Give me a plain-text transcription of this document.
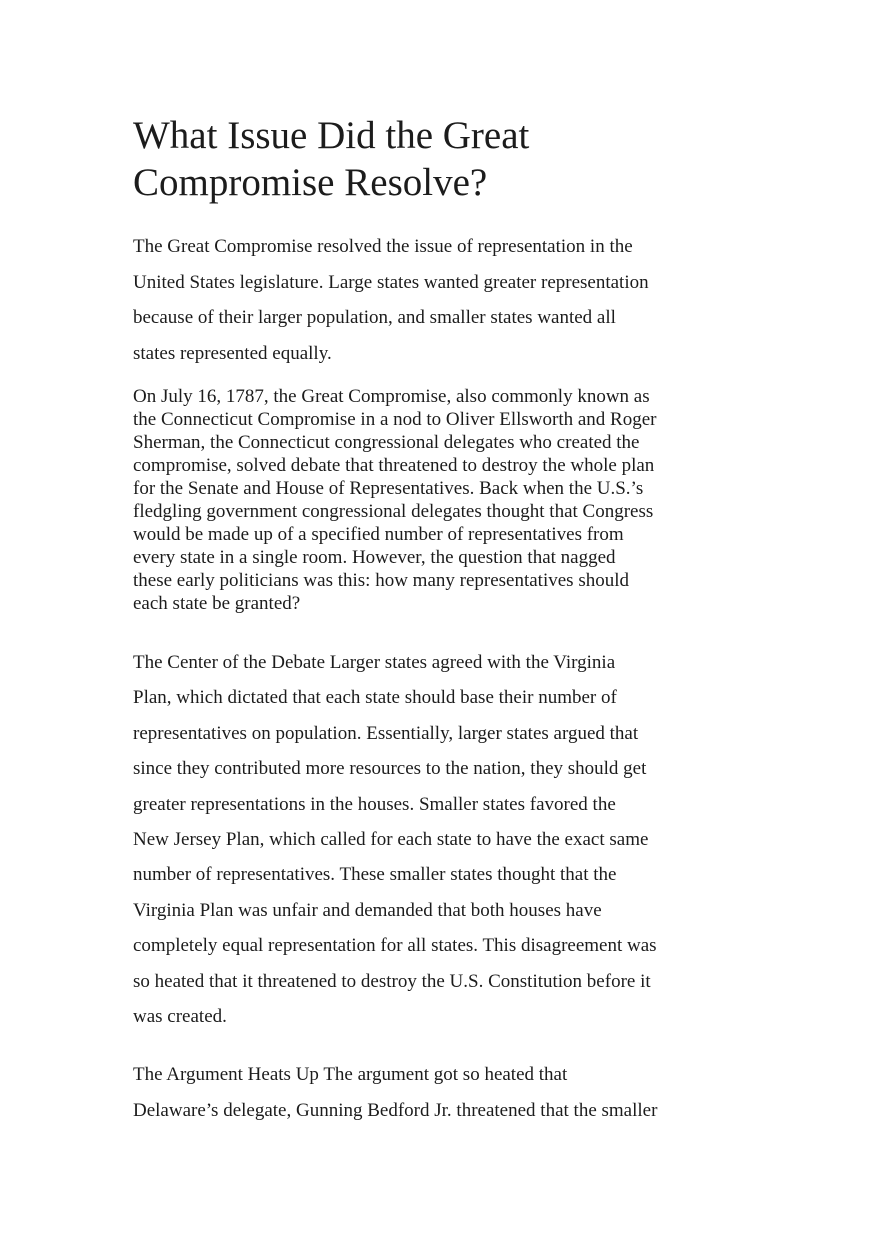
What Issue Did the Great
Compromise Resolve?

The Great Compromise resolved the issue of representation in the
United States legislature. Large states wanted greater representation
because of their larger population, and smaller states wanted all
states represented equally.

On July 16, 1787, the Great Compromise, also commonly known as
the Connecticut Compromise in a nod to Oliver Ellsworth and Roger
Sherman, the Connecticut congressional delegates who created the
compromise, solved debate that threatened to destroy the whole plan
for the Senate and House of Representatives. Back when the U.S.’s
fledgling government congressional delegates thought that Congress
would be made up of a specified number of representatives from
every state in a single room. However, the question that nagged
these early politicians was this: how many representatives should
each state be granted?

The Center of the Debate Larger states agreed with the Virginia
Plan, which dictated that each state should base their number of
representatives on population. Essentially, larger states argued that
since they contributed more resources to the nation, they should get
greater representations in the houses. Smaller states favored the
New Jersey Plan, which called for each state to have the exact same
number of representatives. These smaller states thought that the
Virginia Plan was unfair and demanded that both houses have
completely equal representation for all states. This disagreement was
so heated that it threatened to destroy the U.S. Constitution before it
was created.

The Argument Heats Up The argument got so heated that
Delaware’s delegate, Gunning Bedford Jr. threatened that the smaller
